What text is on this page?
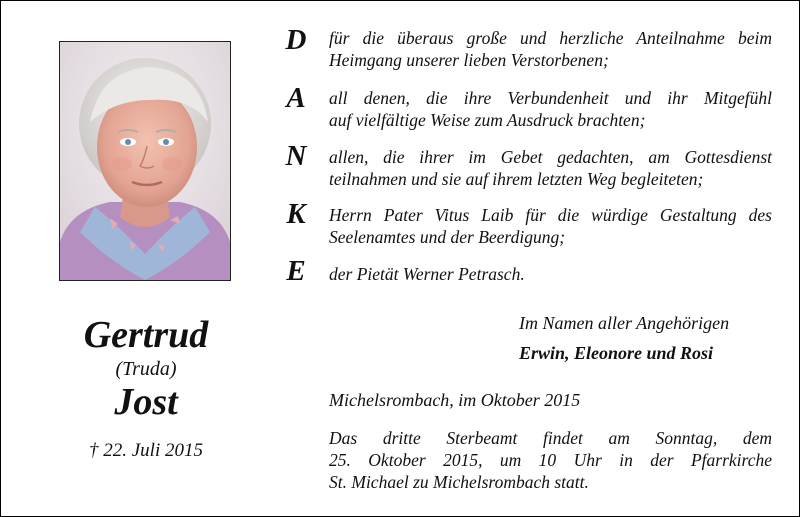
Gertrud
(Truda)
Jost
† 22. Juli 2015
D für die überaus große und herzliche Anteilnahme beim
Heimgang unserer lieben Verstorbenen;
A all denen, die ihre Verbundenheit und ihr Mitgefühl
auf vielfältige Weise zum Ausdruck brachten;
N allen, die ihrer im Gebet gedachten, am Gottesdienst
teilnahmen und sie auf ihrem letzten Weg begleiteten;
K Herrn Pater Vitus Laib für die würdige Gestaltung des
Seelenamtes und der Beerdigung;
E der Pietät Werner Petrasch.
Im Namen aller Angehörigen
Erwin, Eleonore und Rosi
Michelsrombach, im Oktober 2015
Das dritte Sterbeamt findet am Sonntag, dem
25. Oktober 2015, um 10 Uhr in der Pfarrkirche
St. Michael zu Michelsrombach statt.
